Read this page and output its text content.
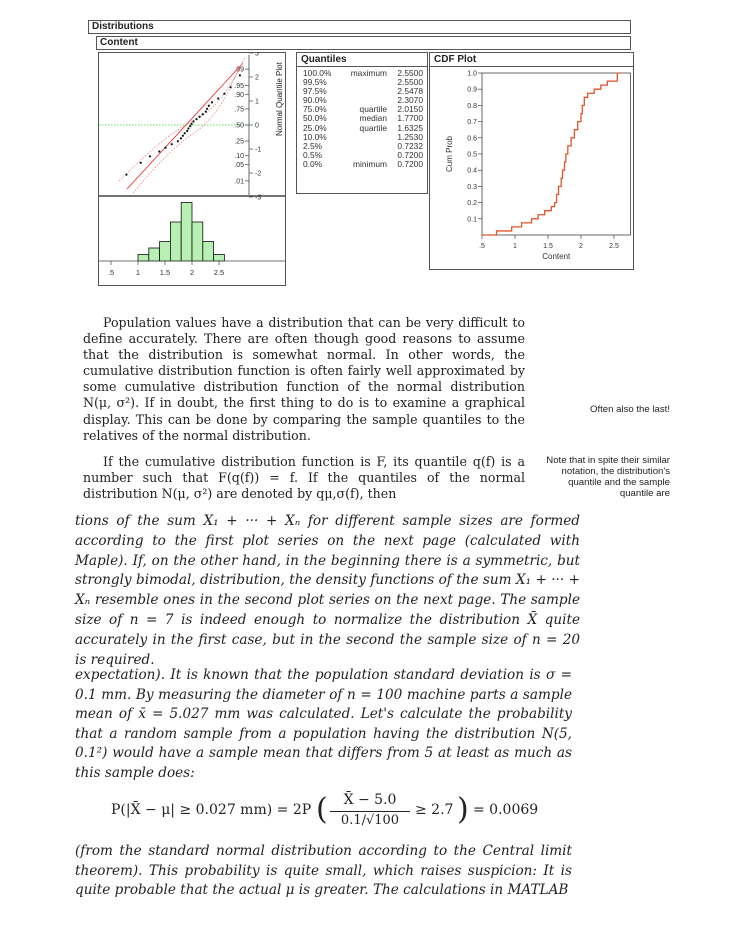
Distributions
Content
.99
.95
.90
.75
.50
.25
.10
.05
.01
3
2
1
0
-1
-2
-3
.5	1	1.5	2	2.5
Normal Quantile Plot
Quantiles
100.0%	maximum	2.5500
99.5%	2.5500
97.5%	2.5478
90.0%	2.3070
75.0%	quartile	2.0150
50.0%	median	1.7700
25.0%	quartile	1.6325
10.0%	1.2530
2.5%	0.7232
0.5%	0.7200
0.0%	minimum	0.7200
CDF Plot
1.0
0.9
0.8
0.7
0.6
0.5
0.4
0.3
0.2
0.1
.5	1	1.5	2	2.5
Content
Cum Prob
Population values have a distribution that can be very difficult to define accurately. There are often though good reasons to assume that the distribution is somewhat normal. In other words, the cumulative distribution function is often fairly well approximated by some cumulative distribution function of the normal distribution N(μ, σ²). If in doubt, the first thing to do is to examine a graphical display. This can be done by comparing the sample quantiles to the relatives of the normal distribution.
Often also the last!
If the cumulative distribution function is F, its quantile q(f) is a number such that F(q(f)) = f. If the quantiles of the normal distribution N(μ, σ²) are denoted by qμ,σ(f), then
Note that in spite their similar notation, the distribution's quantile and the sample quantile are
tions of the sum X₁ + ··· + Xₙ for different sample sizes are formed according to the first plot series on the next page (calculated with Maple). If, on the other hand, in the beginning there is a symmetric, but strongly bimodal, distribution, the density functions of the sum X₁ + ··· + Xₙ resemble ones in the second plot series on the next page. The sample size of n = 7 is indeed enough to normalize the distribution X̄ quite accurately in the first case, but in the second the sample size of n = 20 is required.
expectation). It is known that the population standard deviation is σ = 0.1 mm. By measuring the diameter of n = 100 machine parts a sample mean of x̄ = 5.027 mm was calculated. Let's calculate the probability that a random sample from a population having the distribution N(5, 0.1²) would have a sample mean that differs from 5 at least as much as this sample does:
P(|X̄ − μ| ≥ 0.027 mm) = 2P (	X̄ − 5.0
0.1/√100
≥ 2.7 ) = 0.0069
(from the standard normal distribution according to the Central limit theorem). This probability is quite small, which raises suspicion: It is quite probable that the actual μ is greater. The calculations in MATLAB
